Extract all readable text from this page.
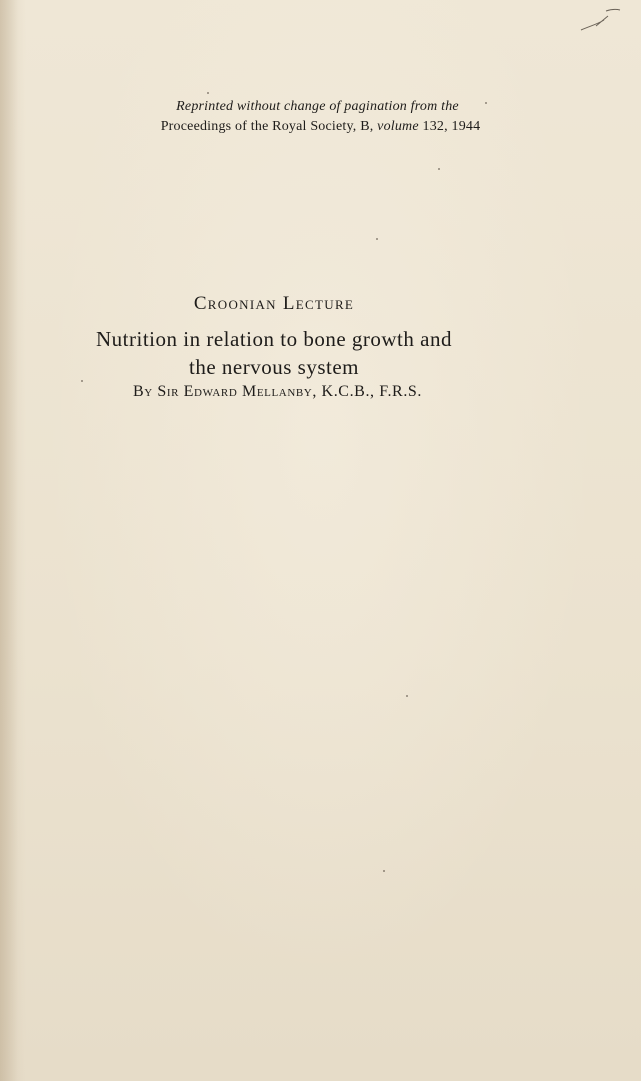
Reprinted without change of pagination from the
Proceedings of the Royal Society, B, volume 132, 1944
Croonian Lecture
Nutrition in relation to bone growth and
the nervous system
By Sir Edward Mellanby, K.C.B., F.R.S.
